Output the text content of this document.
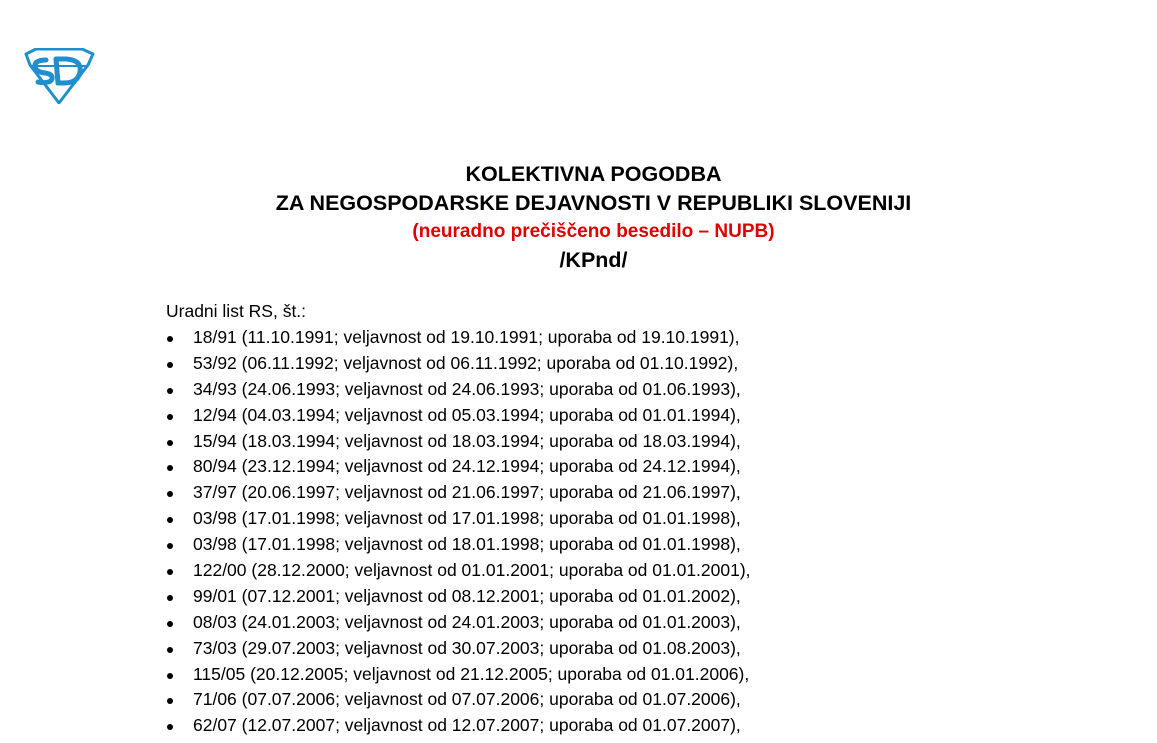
KOLEKTIVNA POGODBA
ZA NEGOSPODARSKE DEJAVNOSTI V REPUBLIKI SLOVENIJI
(neuradno prečiščeno besedilo – NUPB)
/KPnd/
Uradni list RS, št.:
18/91 (11.10.1991; veljavnost od 19.10.1991; uporaba od 19.10.1991),
53/92 (06.11.1992; veljavnost od 06.11.1992; uporaba od 01.10.1992),
34/93 (24.06.1993; veljavnost od 24.06.1993; uporaba od 01.06.1993),
12/94 (04.03.1994; veljavnost od 05.03.1994; uporaba od 01.01.1994),
15/94 (18.03.1994; veljavnost od 18.03.1994; uporaba od 18.03.1994),
80/94 (23.12.1994; veljavnost od 24.12.1994; uporaba od 24.12.1994),
37/97 (20.06.1997; veljavnost od 21.06.1997; uporaba od 21.06.1997),
03/98 (17.01.1998; veljavnost od 17.01.1998; uporaba od 01.01.1998),
03/98 (17.01.1998; veljavnost od 18.01.1998; uporaba od 01.01.1998),
122/00 (28.12.2000; veljavnost od 01.01.2001; uporaba od 01.01.2001),
99/01 (07.12.2001; veljavnost od 08.12.2001; uporaba od 01.01.2002),
08/03 (24.01.2003; veljavnost od 24.01.2003; uporaba od 01.01.2003),
73/03 (29.07.2003; veljavnost od 30.07.2003; uporaba od 01.08.2003),
115/05 (20.12.2005; veljavnost od 21.12.2005; uporaba od 01.01.2006),
71/06 (07.07.2006; veljavnost od 07.07.2006; uporaba od 01.07.2006),
62/07 (12.07.2007; veljavnost od 12.07.2007; uporaba od 01.07.2007),
